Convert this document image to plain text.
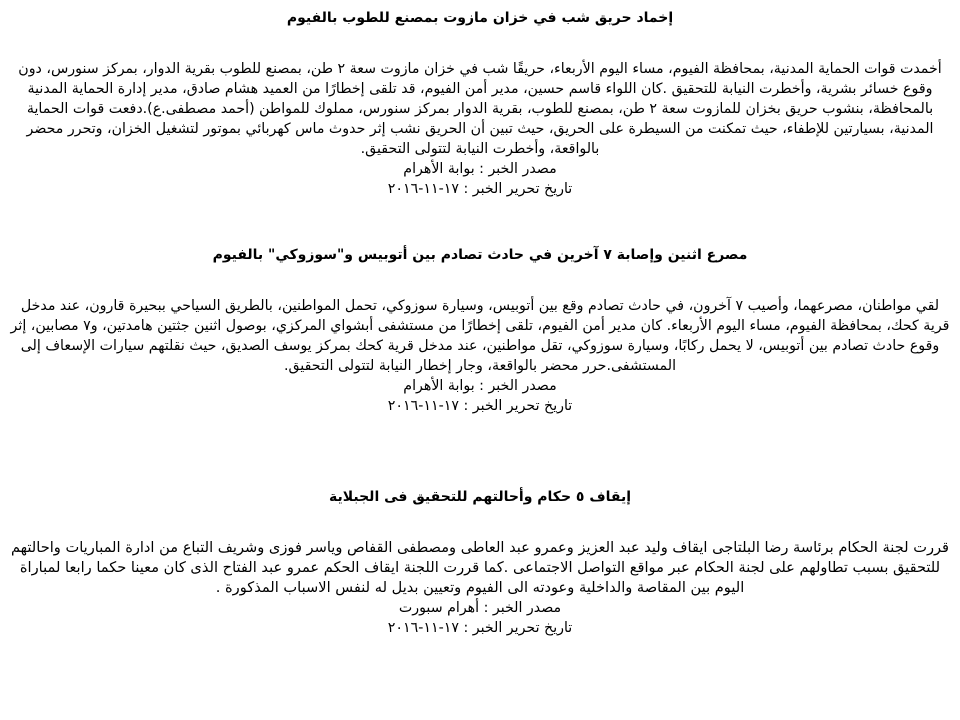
إخماد حريق شب في خزان مازوت بمصنع للطوب بالفيوم

أخمدت قوات الحماية المدنية، بمحافظة الفيوم، مساء اليوم الأربعاء، حريقًا شب في خزان مازوت سعة ٢ طن، بمصنع للطوب بقرية الدوار، بمركز سنورس، دون وقوع خسائر بشرية، وأخطرت النيابة للتحقيق .كان اللواء قاسم حسين، مدير أمن الفيوم، قد تلقى إخطارًا من العميد هشام صادق، مدير إدارة الحماية المدنية بالمحافظة، بنشوب حريق بخزان للمازوت سعة ٢ طن، بمصنع للطوب، بقرية الدوار بمركز سنورس، مملوك للمواطن (أحمد مصطفى.ع).دفعت قوات الحماية المدنية، بسيارتين للإطفاء، حيث تمكنت من السيطرة على الحريق، حيث تبين أن الحريق نشب إثر حدوث ماس كهربائي بموتور لتشغيل الخزان، وتحرر محضر بالواقعة، وأخطرت النيابة لتتولى التحقيق.

مصدر الخبر : بوابة الأهرام

تاريخ تحرير الخبر : ١٧-١١-٢٠١٦

مصرع اثنين وإصابة ٧ آخرين في حادث تصادم بين أتوبيس و"سوزوكي" بالفيوم

لقي مواطنان، مصرعهما، وأصيب ٧ آخرون، في حادث تصادم وقع بين أتوبيس، وسيارة سوزوكي، تحمل المواطنين، بالطريق السياحي ببحيرة قارون، عند مدخل قرية كحك، بمحافظة الفيوم، مساء اليوم الأربعاء. كان مدير أمن الفيوم، تلقى إخطارًا من مستشفى أبشواي المركزي، بوصول اثنين جثتين هامدتين، و٧ مصابين، إثر وقوع حادث تصادم بين أتوبيس، لا يحمل ركابًا، وسيارة سوزوكي، تقل مواطنين، عند مدخل قرية كحك بمركز يوسف الصديق، حيث نقلتهم سيارات الإسعاف إلى المستشفى.حرر محضر بالواقعة، وجار إخطار النيابة لتتولى التحقيق.

مصدر الخبر : بوابة الأهرام

تاريخ تحرير الخبر : ١٧-١١-٢٠١٦

إيقاف ٥ حكام وأحالتهم للتحقيق فى الجبلاية

قررت لجنة الحكام برئاسة رضا البلتاجى ايقاف وليد عبد العزيز وعمرو عبد العاطى ومصطفى القفاص وياسر فوزى وشريف التباع من ادارة المباريات واحالتهم للتحقيق بسبب تطاولهم على لجنة الحكام عبر مواقع التواصل الاجتماعى .كما قررت اللجنة ايقاف الحكم عمرو عبد الفتاح الذى كان معينا حكما رابعا لمباراة اليوم بين المقاصة والداخلية وعودته الى الفيوم وتعيين بديل له لنفس الاسباب المذكورة .

مصدر الخبر : أهرام سبورت

تاريخ تحرير الخبر : ١٧-١١-٢٠١٦
